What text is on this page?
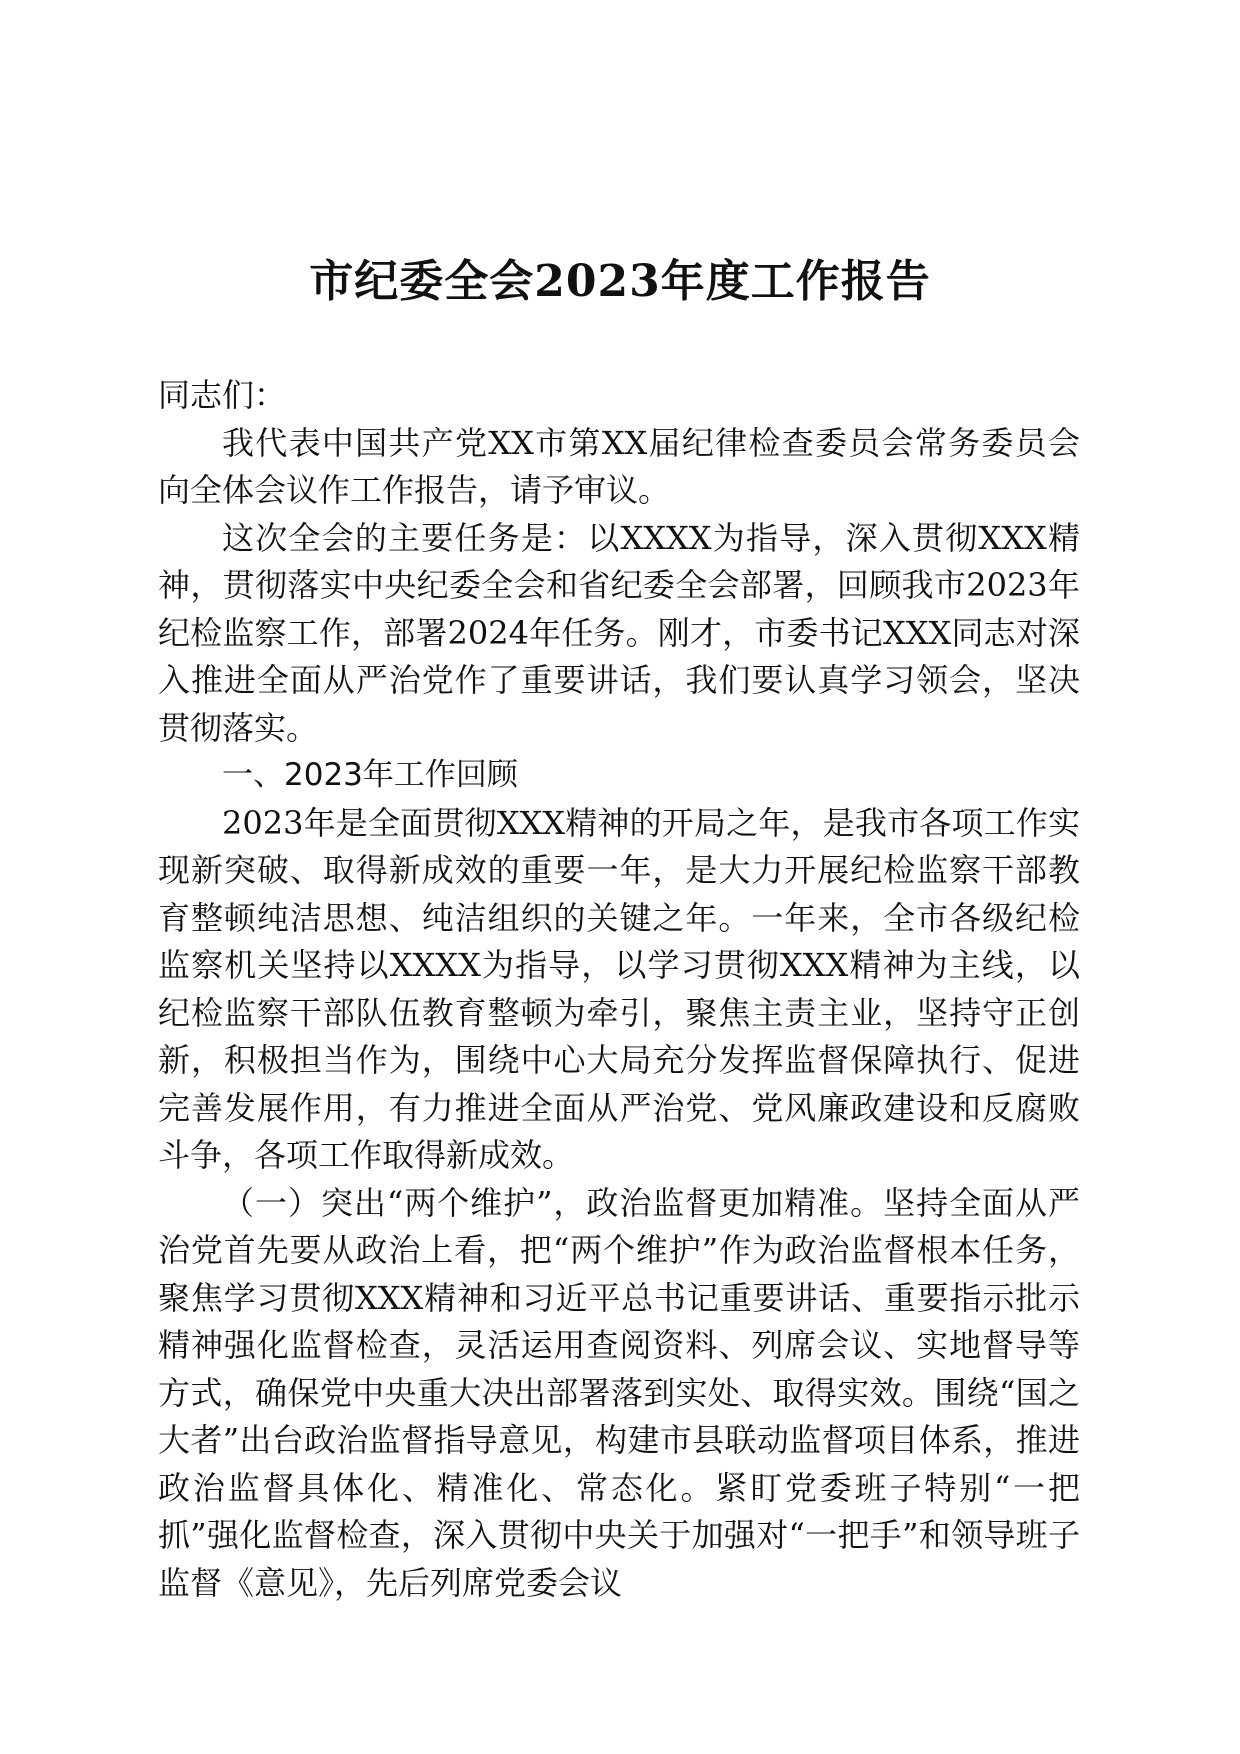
市纪委全会2023年度工作报告

同志们：

我代表中国共产党XX市第XX届纪律检查委员会常务委员会向全体会议作工作报告，请予审议。

这次全会的主要任务是：以XXXX为指导，深入贯彻XXX精神，贯彻落实中央纪委全会和省纪委全会部署，回顾我市2023年纪检监察工作，部署2024年任务。刚才，市委书记XXX同志对深入推进全面从严治党作了重要讲话，我们要认真学习领会，坚决贯彻落实。

一、2023年工作回顾

2023年是全面贯彻XXX精神的开局之年，是我市各项工作实现新突破、取得新成效的重要一年，是大力开展纪检监察干部教育整顿纯洁思想、纯洁组织的关键之年。一年来，全市各级纪检监察机关坚持以XXXX为指导，以学习贯彻XXX精神为主线，以纪检监察干部队伍教育整顿为牵引，聚焦主责主业，坚持守正创新，积极担当作为，围绕中心大局充分发挥监督保障执行、促进完善发展作用，有力推进全面从严治党、党风廉政建设和反腐败斗争，各项工作取得新成效。

（一）突出“两个维护”，政治监督更加精准。坚持全面从严治党首先要从政治上看，把“两个维护”作为政治监督根本任务，聚焦学习贯彻XXX精神和习近平总书记重要讲话、重要指示批示精神强化监督检查，灵活运用查阅资料、列席会议、实地督导等方式，确保党中央重大决出部署落到实处、取得实效。围绕“国之大者”出台政治监督指导意见，构建市县联动监督项目体系，推进政治监督具体化、精准化、常态化。紧盯党委班子特别“一把抓”强化监督检查，深入贯彻中央关于加强对“一把手”和领导班子监督《意见》，先后列席党委会议
